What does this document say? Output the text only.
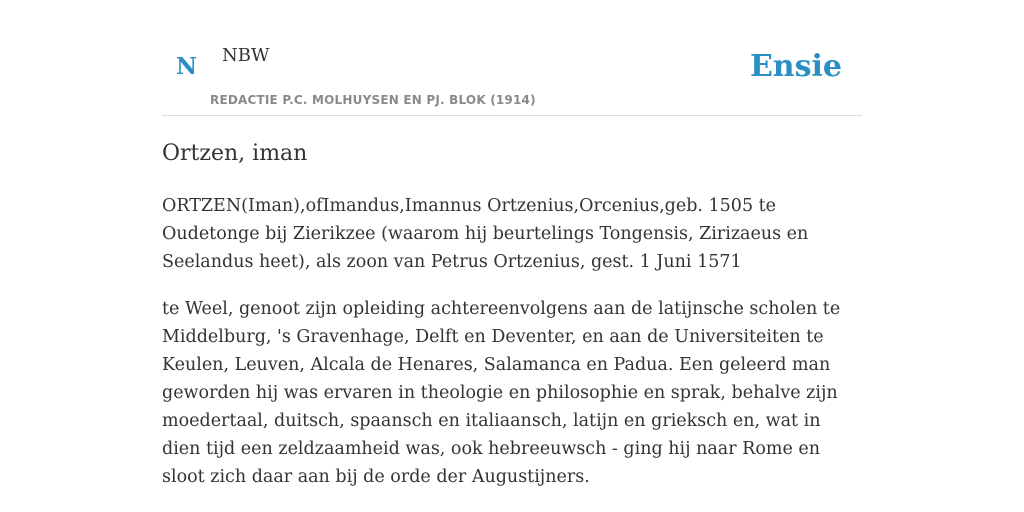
N NBW
REDACTIE P.C. MOLHUYSEN EN PJ. BLOK (1914)
Ensie
Ortzen, iman

ORTZEN(Iman),ofImandus,Imannus Ortzenius,Orcenius,geb. 1505 te Oudetonge bij Zierikzee (waarom hij beurtelings Tongensis, Zirizaeus en Seelandus heet), als zoon van Petrus Ortzenius, gest. 1 Juni 1571

te Weel, genoot zijn opleiding achtereenvolgens aan de latijnsche scholen te Middelburg, 's Gravenhage, Delft en Deventer, en aan de Universiteiten te Keulen, Leuven, Alcala de Henares, Salamanca en Padua. Een geleerd man geworden hij was ervaren in theologie en philosophie en sprak, behalve zijn moedertaal, duitsch, spaansch en italiaansch, latijn en grieksch en, wat in dien tijd een zeldzaamheid was, ook hebreeuwsch - ging hij naar Rome en sloot zich daar aan bij de orde der Augustijners.
